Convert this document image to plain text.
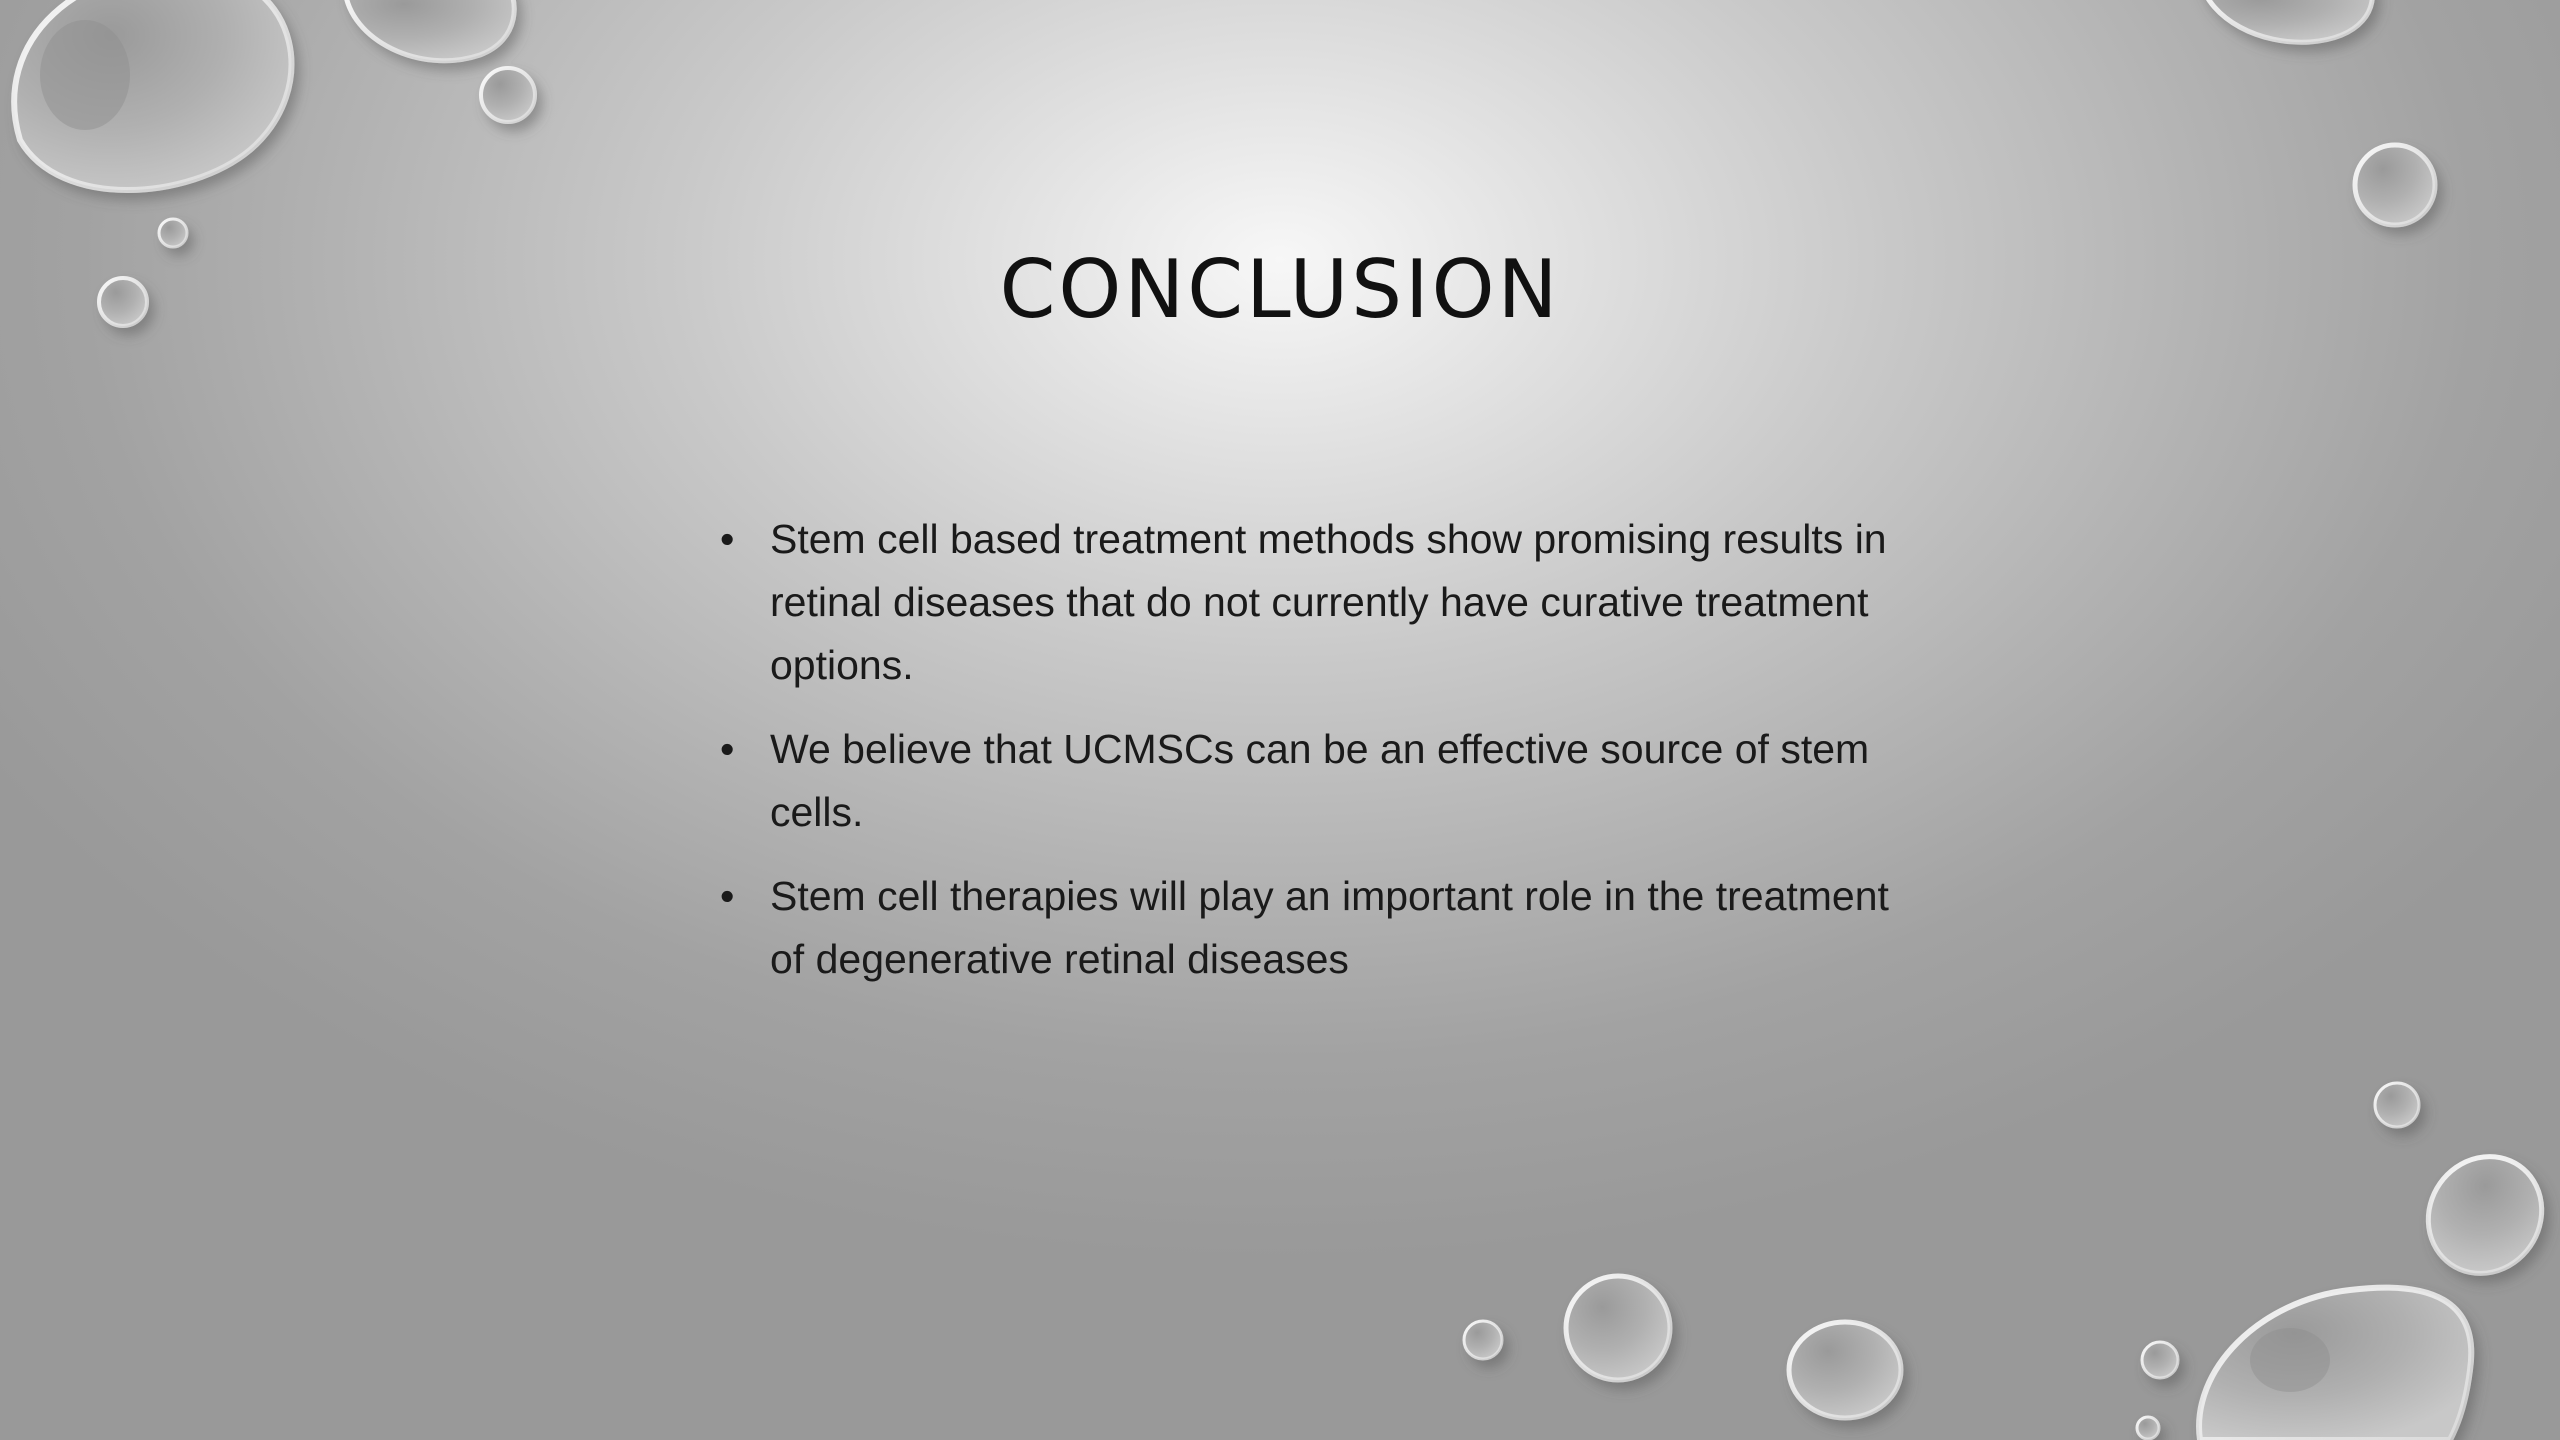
CONCLUSION
• Stem cell based treatment methods show promising results in retinal diseases that do not currently have curative treatment options.
• We believe that UCMSCs can be an effective source of stem cells.
• Stem cell therapies will play an important role in the treatment of degenerative retinal diseases
